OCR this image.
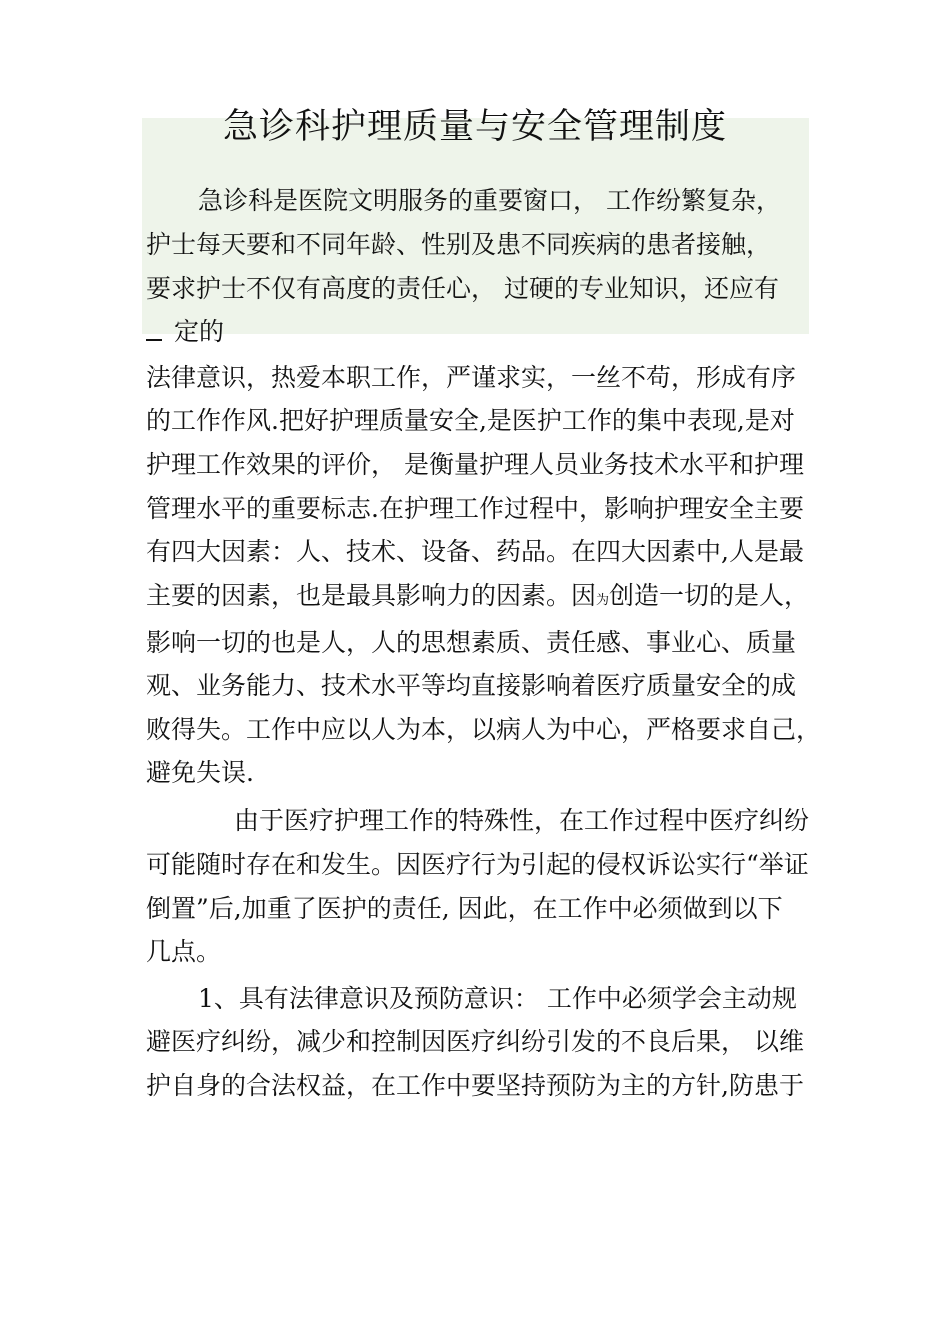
急诊科护理质量与安全管理制度
急诊科是医院文明服务的重要窗口， 工作纷繁复杂，
护士每天要和不同年龄、性别及患不同疾病的患者接触，
要求护士不仅有高度的责任心， 过硬的专业知识，还应有
定的
法律意识，热爱本职工作，严谨求实，一丝不苟，形成有序
的工作作风.把好护理质量安全,是医护工作的集中表现,是对
护理工作效果的评价， 是衡量护理人员业务技术水平和护理
管理水平的重要标志.在护理工作过程中，影响护理安全主要
有四大因素：人、技术、设备、药品。在四大因素中,人是最
主要的因素，也是最具影响力的因素。因为创造一切的是人，
影响一切的也是人，人的思想素质、责任感、事业心、质量
观、业务能力、技术水平等均直接影响着医疗质量安全的成
败得失。工作中应以人为本，以病人为中心，严格要求自己，
避免失误.
由于医疗护理工作的特殊性，在工作过程中医疗纠纷
可能随时存在和发生。因医疗行为引起的侵权诉讼实行“举证
倒置”后,加重了医护的责任, 因此，在工作中必须做到以下
几点。
1、具有法律意识及预防意识： 工作中必须学会主动规
避医疗纠纷，减少和控制因医疗纠纷引发的不良后果， 以维
护自身的合法权益，在工作中要坚持预防为主的方针,防患于
